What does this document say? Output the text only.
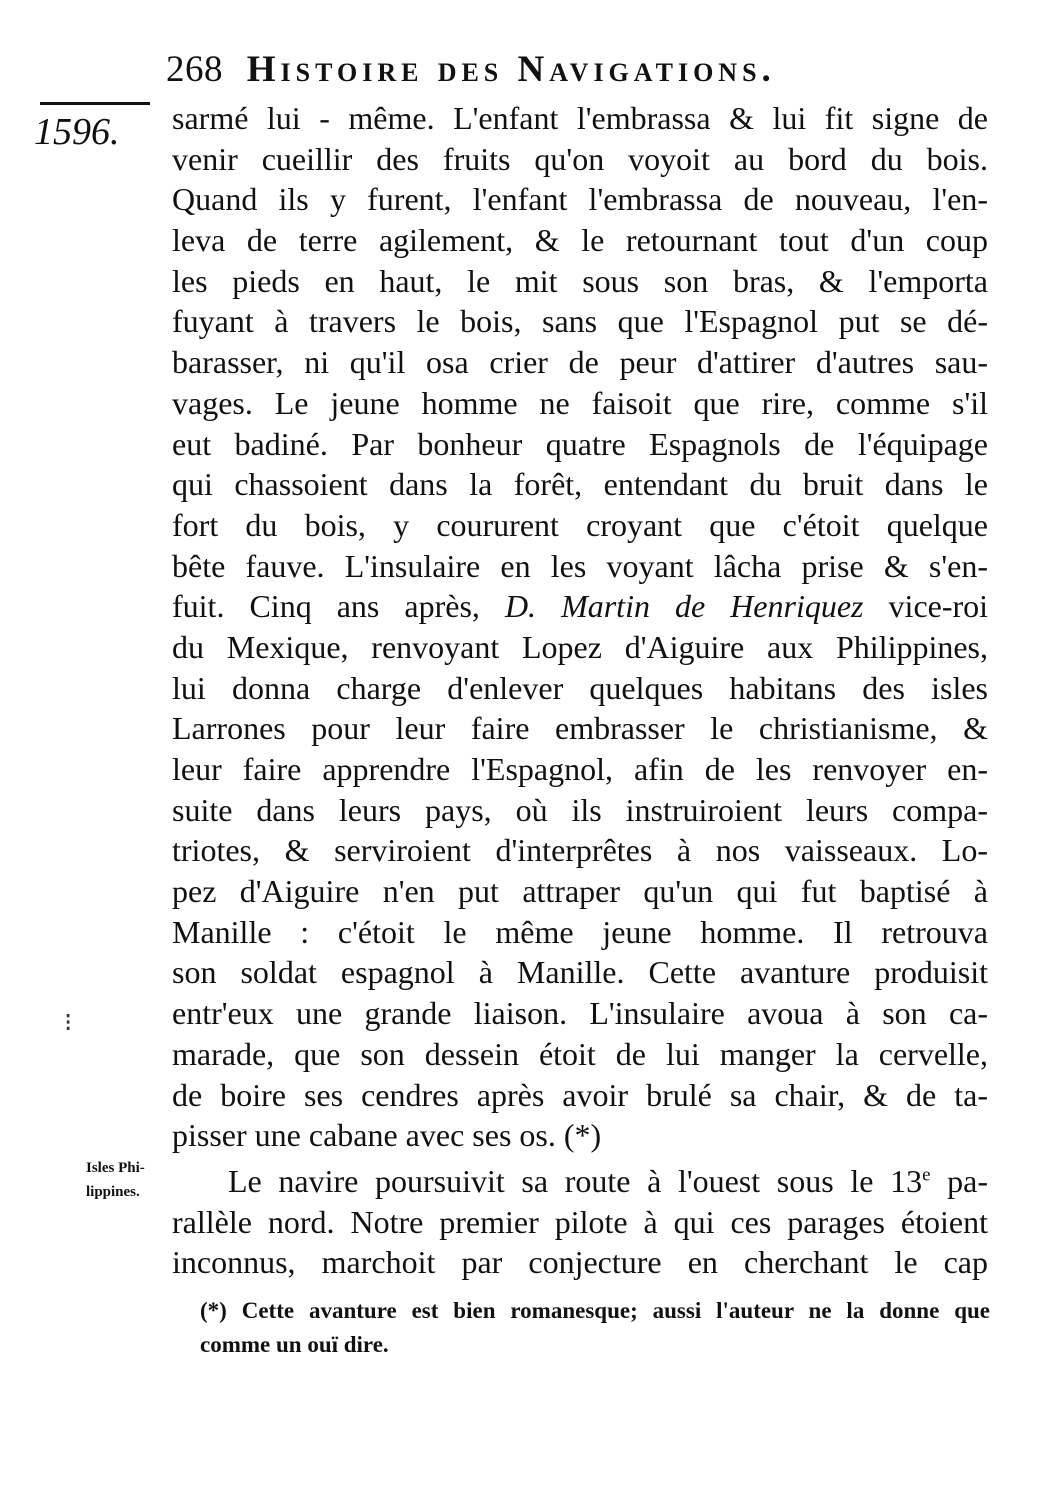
268 Histoire des Navigations.
1596.
Isles Phi-
lippines.
⁝
sarmé lui - même. L'enfant l'embrassa & lui fit signe de
venir cueillir des fruits qu'on voyoit au bord du bois.
Quand ils y furent, l'enfant l'embrassa de nouveau, l'en-
leva de terre agilement, & le retournant tout d'un coup
les pieds en haut, le mit sous son bras, & l'emporta
fuyant à travers le bois, sans que l'Espagnol put se dé-
barasser, ni qu'il osa crier de peur d'attirer d'autres sau-
vages. Le jeune homme ne faisoit que rire, comme s'il
eut badiné. Par bonheur quatre Espagnols de l'équipage
qui chassoient dans la forêt, entendant du bruit dans le
fort du bois, y coururent croyant que c'étoit quelque
bête fauve. L'insulaire en les voyant lâcha prise & s'en-
fuit. Cinq ans après, D. Martin de Henriquez vice-roi
du Mexique, renvoyant Lopez d'Aiguire aux Philippines,
lui donna charge d'enlever quelques habitans des isles
Larrones pour leur faire embrasser le christianisme, &
leur faire apprendre l'Espagnol, afin de les renvoyer en-
suite dans leurs pays, où ils instruiroient leurs compa-
triotes, & serviroient d'interprêtes à nos vaisseaux. Lo-
pez d'Aiguire n'en put attraper qu'un qui fut baptisé à
Manille : c'étoit le même jeune homme. Il retrouva
son soldat espagnol à Manille. Cette avanture produisit
entr'eux une grande liaison. L'insulaire avoua à son ca-
marade, que son dessein étoit de lui manger la cervelle,
de boire ses cendres après avoir brulé sa chair, & de ta-
pisser une cabane avec ses os. (*)
Le navire poursuivit sa route à l'ouest sous le 13e pa-
rallèle nord. Notre premier pilote à qui ces parages étoient
inconnus, marchoit par conjecture en cherchant le cap
(*) Cette avanture est bien romanesque; aussi l'auteur ne la donne que
comme un ouï dire.
